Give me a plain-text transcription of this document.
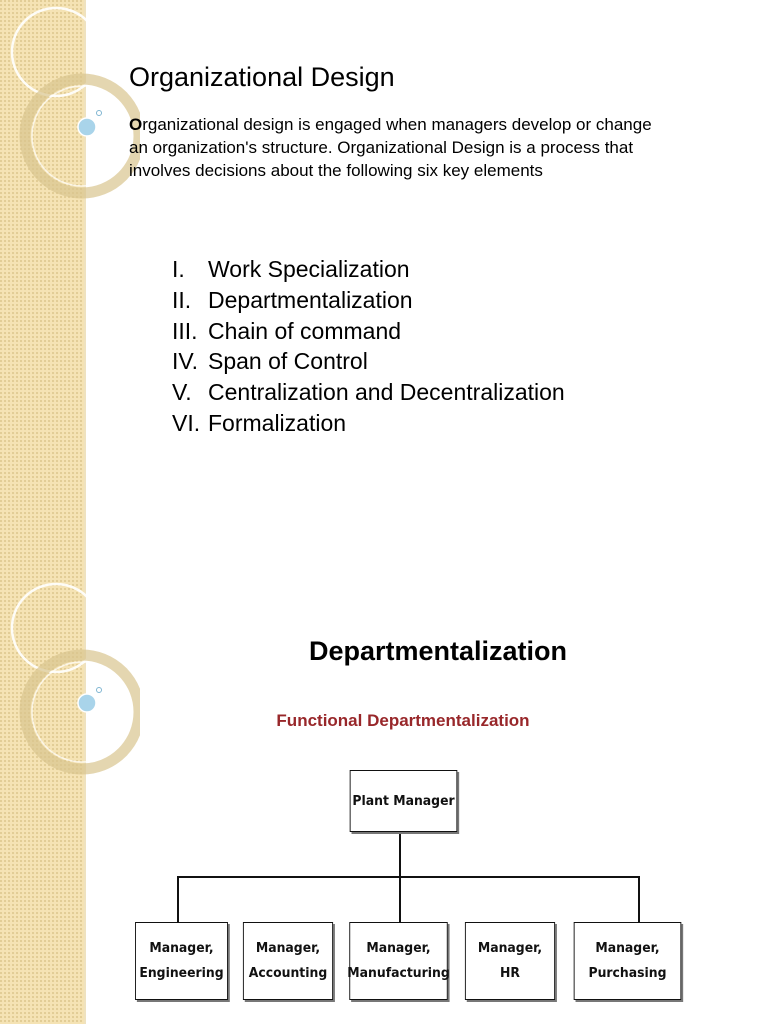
Organizational Design
Organizational design is engaged when managers develop or change an organization's structure. Organizational Design is a process that involves decisions about the following six key elements
I.	Work Specialization
II. Departmentalization
III. Chain of command
IV. Span of Control
V. Centralization and Decentralization
VI. Formalization
Departmentalization
Functional Departmentalization
Plant Manager
Manager,
Engineering
Manager,
Accounting
Manager,
Manufacturing
Manager,
HR
Manager,
Purchasing
